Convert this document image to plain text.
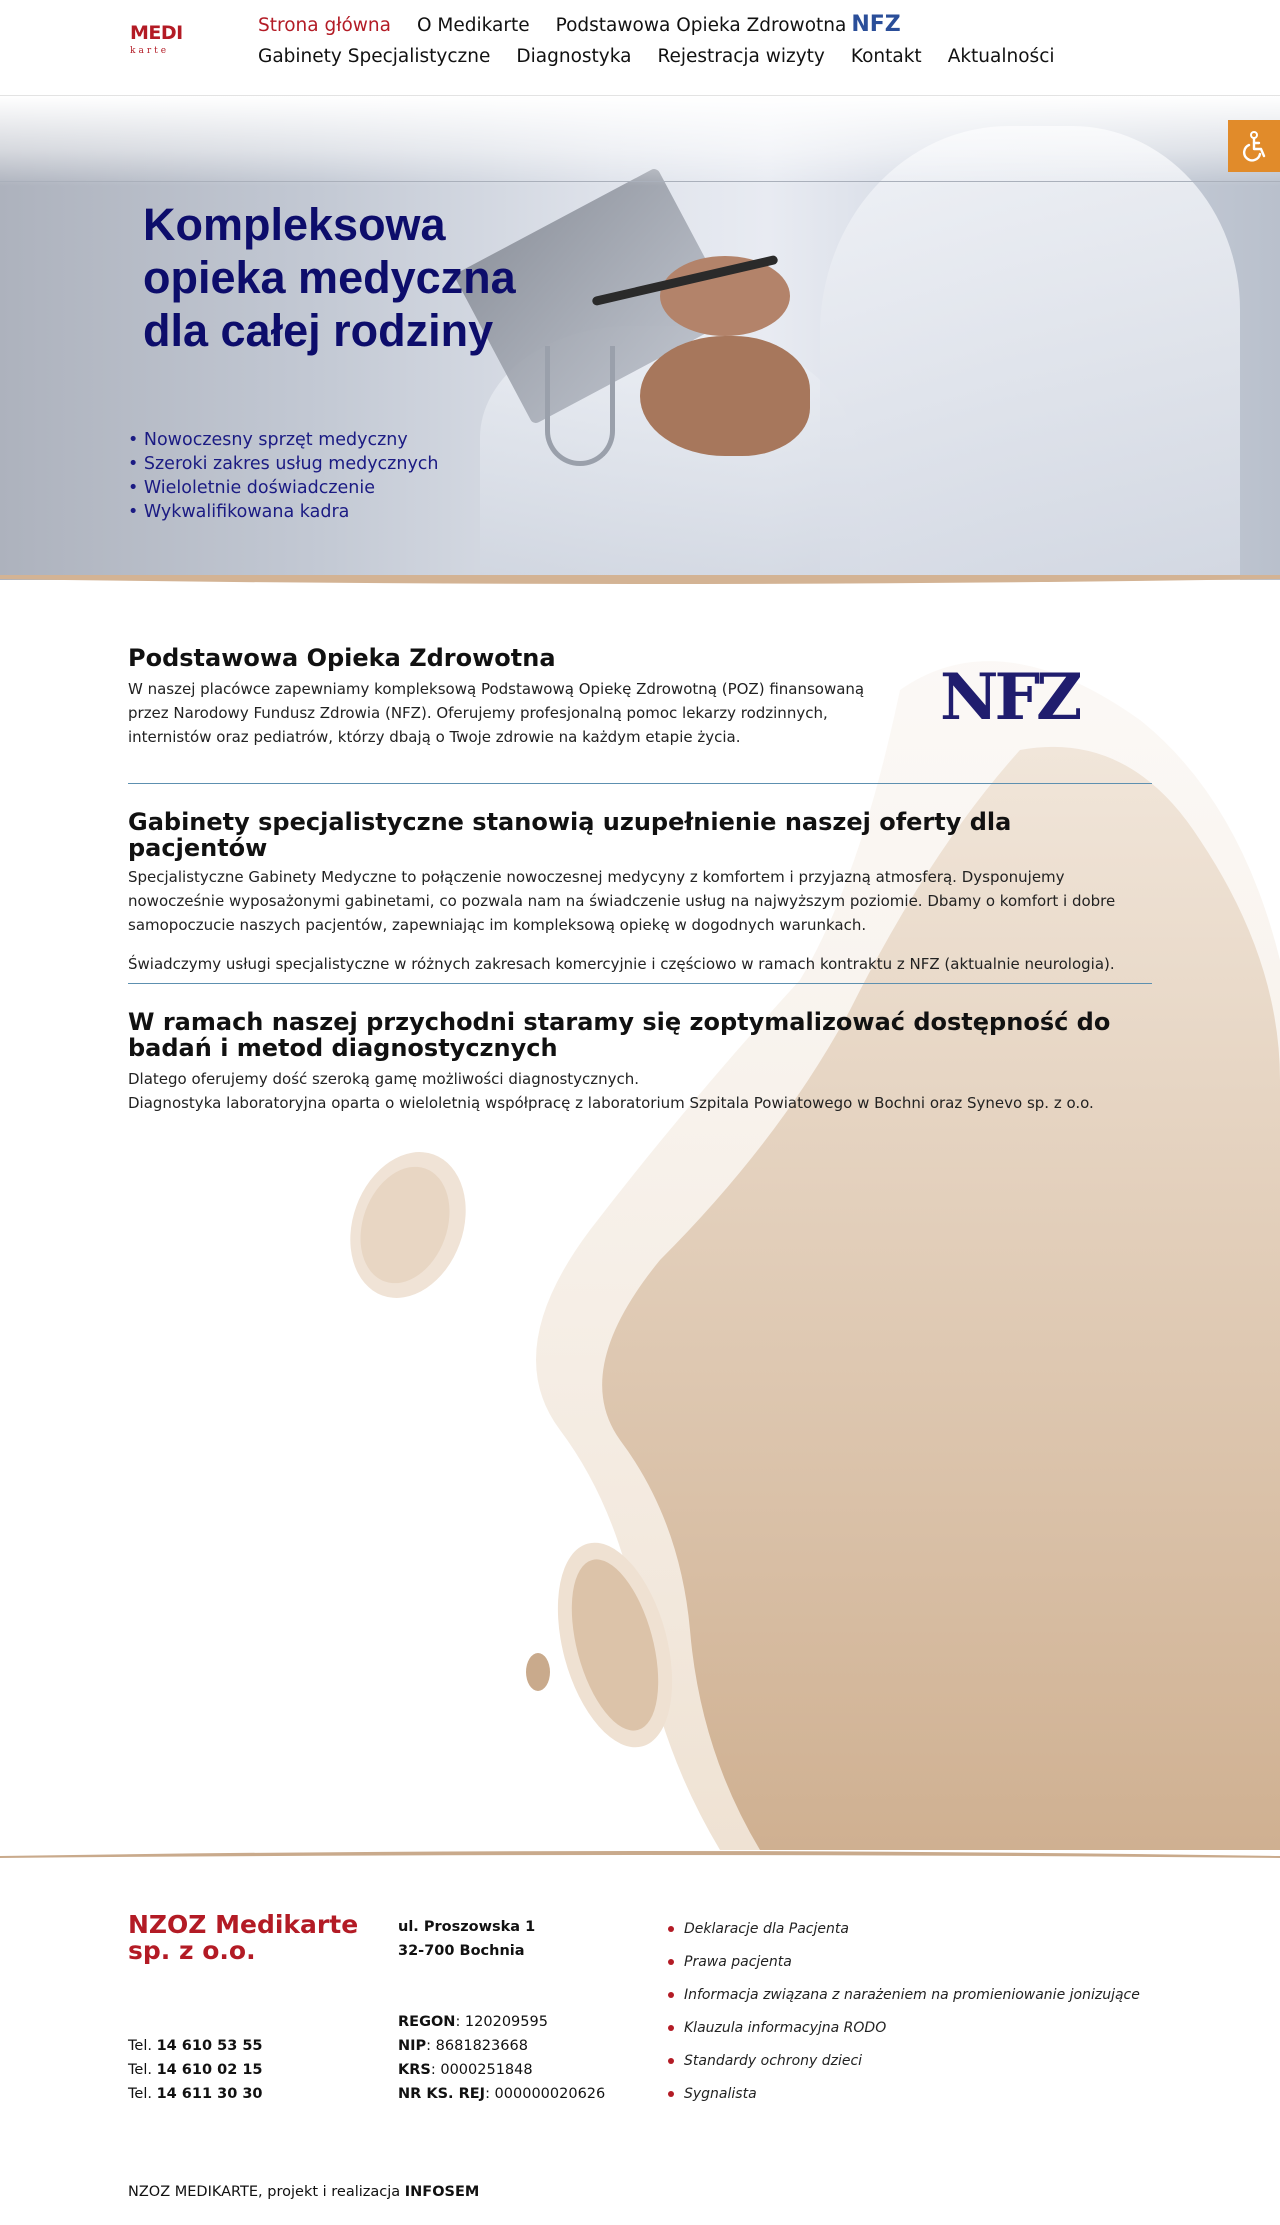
MEDI
karte
Strona główna O Medikarte Podstawowa Opieka Zdrowotna NFZ
Gabinety Specjalistyczne Diagnostyka Rejestracja wizyty Kontakt Aktualności
Kompleksowa
opieka medyczna
dla całej rodziny
• Nowoczesny sprzęt medyczny
• Szeroki zakres usług medycznych
• Wieloletnie doświadczenie
• Wykwalifikowana kadra
Podstawowa Opieka Zdrowotna

W naszej placówce zapewniamy kompleksową Podstawową Opiekę Zdrowotną (POZ) finansowaną przez Narodowy Fundusz Zdrowia (NFZ). Oferujemy profesjonalną pomoc lekarzy rodzinnych, internistów oraz pediatrów, którzy dbają o Twoje zdrowie na każdym etapie życia.

NFZ
Gabinety specjalistyczne stanowią uzupełnienie naszej oferty dla pacjentów

Specjalistyczne Gabinety Medyczne to połączenie nowoczesnej medycyny z komfortem i przyjazną atmosferą. Dysponujemy nowocześnie wyposażonymi gabinetami, co pozwala nam na świadczenie usług na najwyższym poziomie. Dbamy o komfort i dobre samopoczucie naszych pacjentów, zapewniając im kompleksową opiekę w dogodnych warunkach.

Świadczymy usługi specjalistyczne w różnych zakresach komercyjnie i częściowo w ramach kontraktu z NFZ (aktualnie neurologia).

W ramach naszej przychodni staramy się zoptymalizować dostępność do badań i metod diagnostycznych

Dlatego oferujemy dość szeroką gamę możliwości diagnostycznych.

Diagnostyka laboratoryjna oparta o wieloletnią współpracę z laboratorium Szpitala Powiatowego w Bochni oraz Synevo sp. z o.o.

NZOZ Medikarte
sp. z o.o.
Tel. 14 610 53 55
Tel. 14 610 02 15
Tel. 14 611 30 30
ul. Proszowska 1
32-700 Bochnia
REGON: 120209595
NIP: 8681823668
KRS: 0000251848
NR KS. REJ: 000000020626
Deklaracje dla Pacjenta
Prawa pacjenta
Informacja związana z narażeniem na promieniowanie jonizujące
Klauzula informacyjna RODO
Standardy ochrony dzieci
Sygnalista
NZOZ MEDIKARTE, projekt i realizacja INFOSEM
